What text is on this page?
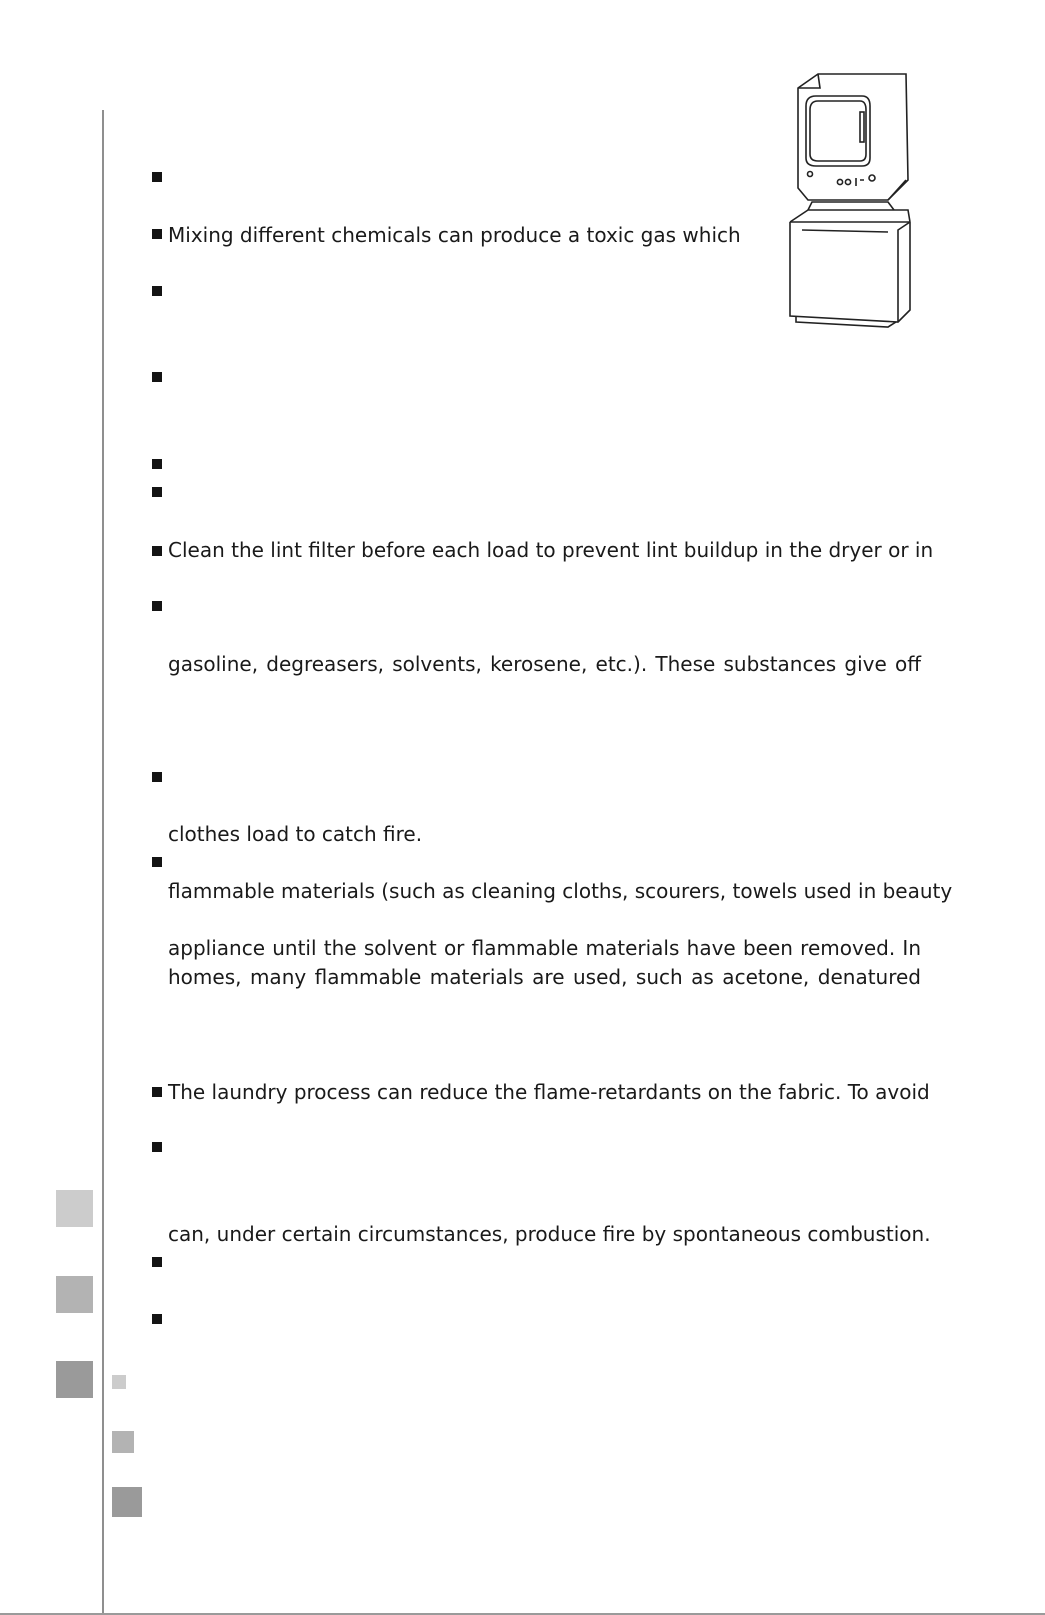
Mixing different chemicals can produce a toxic gas which
Clean the lint filter before each load to prevent lint buildup in the dryer or in
gasoline, degreasers, solvents, kerosene, etc.). These substances give off
clothes load to catch fire.
flammable materials (such as cleaning cloths, scourers, towels used in beauty
appliance until the solvent or flammable materials have been removed. In
homes, many flammable materials are used, such as acetone, denatured
The laundry process can reduce the flame-retardants on the fabric. To avoid
can, under certain circumstances, produce fire by spontaneous combustion.
